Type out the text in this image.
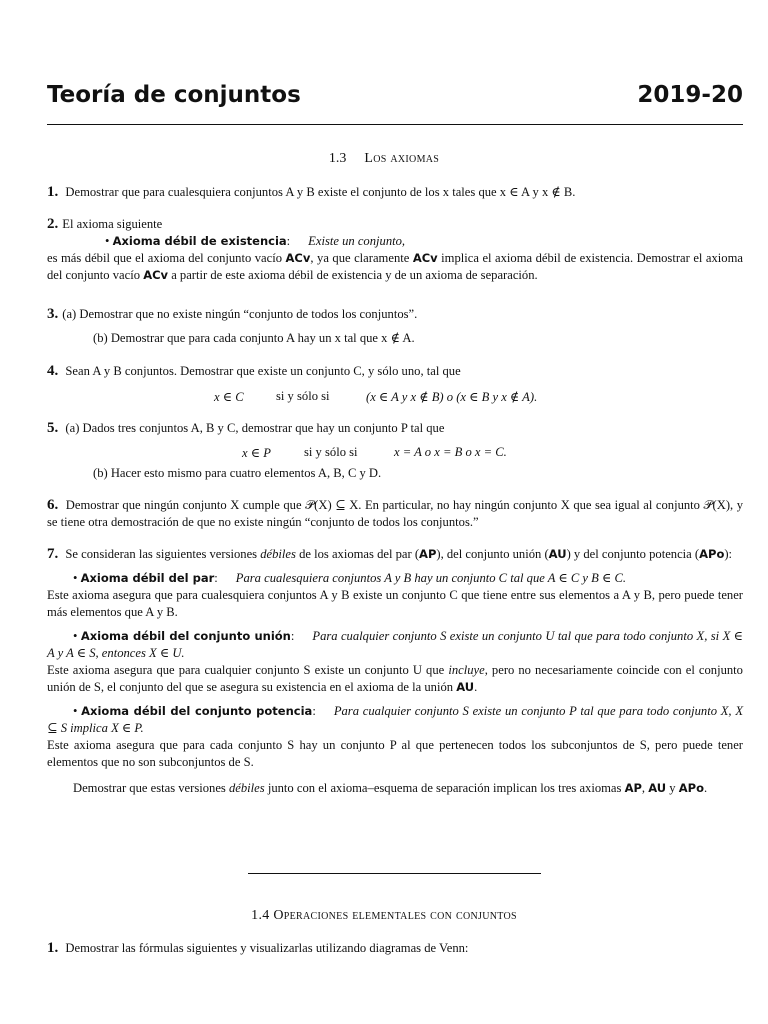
Teoría de conjuntos	2019-20
1.3 Los axiomas
1. Demostrar que para cualesquiera conjuntos A y B existe el conjunto de los x tales que x ∈ A y x ∉ B.
2. El axioma siguiente
• Axioma débil de existencia: Existe un conjunto,
es más débil que el axioma del conjunto vacío ACv, ya que claramente ACv implica el axioma débil de existencia. Demostrar el axioma del conjunto vacío ACv a partir de este axioma débil de existencia y de un axioma de separación.
3. (a) Demostrar que no existe ningún “conjunto de todos los conjuntos”.
(b) Demostrar que para cada conjunto A hay un x tal que x ∉ A.
4. Sean A y B conjuntos. Demostrar que existe un conjunto C, y sólo uno, tal que
x ∈ C	si y sólo si	(x ∈ A y x ∉ B) o (x ∈ B y x ∉ A).
5. (a) Dados tres conjuntos A, B y C, demostrar que hay un conjunto P tal que
x ∈ P	si y sólo si	x = A o x = B o x = C.
(b) Hacer esto mismo para cuatro elementos A, B, C y D.
6. Demostrar que ningún conjunto X cumple que 𝒫(X) ⊆ X. En particular, no hay ningún conjunto X que sea igual al conjunto 𝒫(X), y se tiene otra demostración de que no existe ningún “conjunto de todos los conjuntos.”
7. Se consideran las siguientes versiones débiles de los axiomas del par (AP), del conjunto unión (AU) y del conjunto potencia (APo):
• Axioma débil del par: Para cualesquiera conjuntos A y B hay un conjunto C tal que A ∈ C y B ∈ C.
Este axioma asegura que para cualesquiera conjuntos A y B existe un conjunto C que tiene entre sus elementos a A y B, pero puede tener más elementos que A y B.
• Axioma débil del conjunto unión: Para cualquier conjunto S existe un conjunto U tal que para todo conjunto X, si X ∈ A y A ∈ S, entonces X ∈ U.
Este axioma asegura que para cualquier conjunto S existe un conjunto U que incluye, pero no necesariamente coincide con el conjunto unión de S, el conjunto del que se asegura su existencia en el axioma de la unión AU.
• Axioma débil del conjunto potencia: Para cualquier conjunto S existe un conjunto P tal que para todo conjunto X, X ⊆ S implica X ∈ P.
Este axioma asegura que para cada conjunto S hay un conjunto P al que pertenecen todos los subconjuntos de S, pero puede tener elementos que no son subconjuntos de S.
Demostrar que estas versiones débiles junto con el axioma–esquema de separación implican los tres axiomas AP, AU y APo.
1.4 Operaciones elementales con conjuntos
1. Demostrar las fórmulas siguientes y visualizarlas utilizando diagramas de Venn:
